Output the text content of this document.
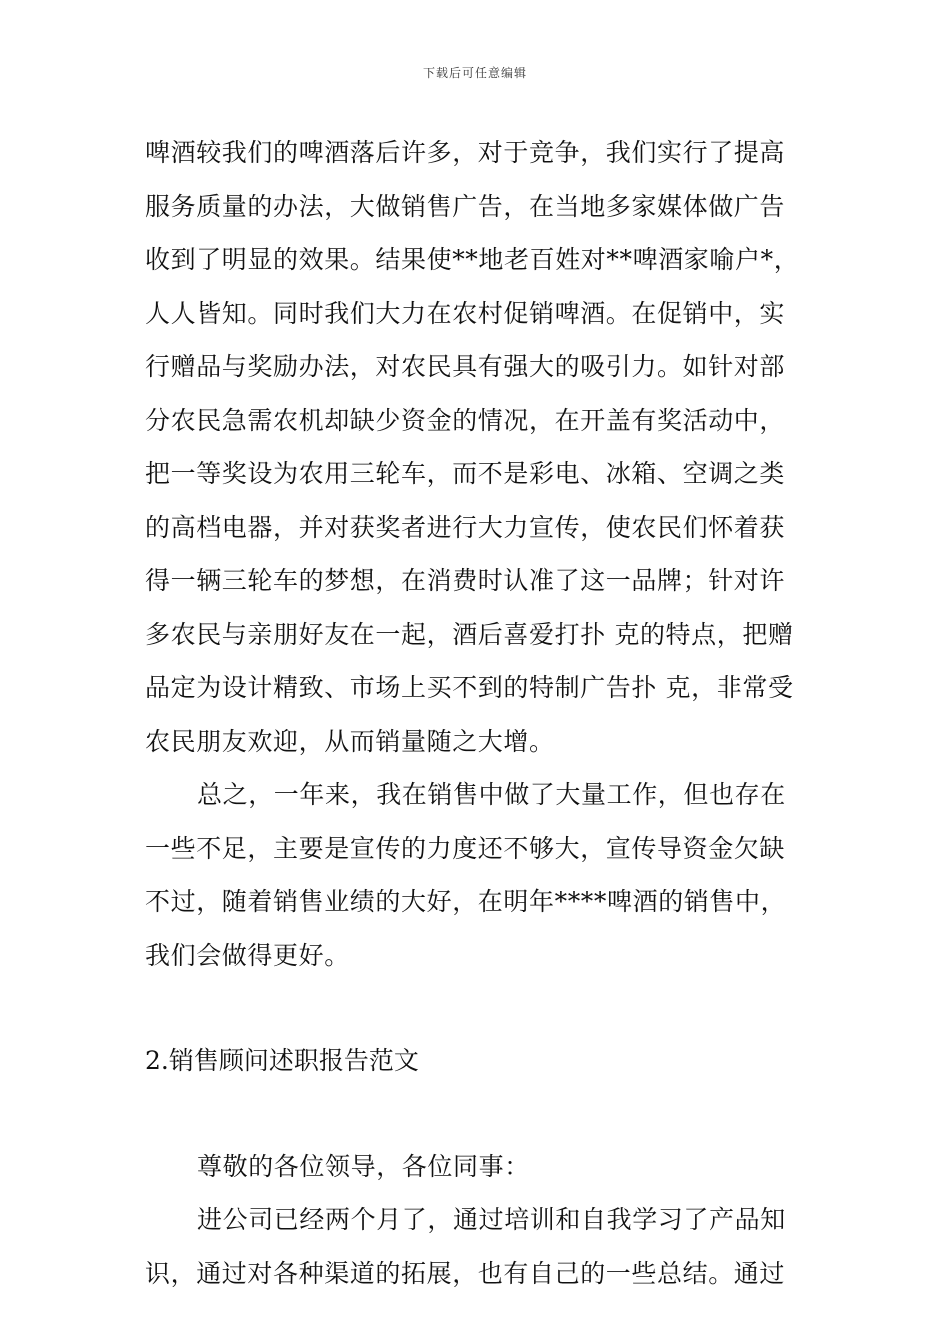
下载后可任意编辑
啤酒较我们的啤酒落后许多，对于竞争，我们实行了提高
服务质量的办法，大做销售广告，在当地多家媒体做广告
收到了明显的效果。结果使**地老百姓对**啤酒家喻户*，
人人皆知。同时我们大力在农村促销啤酒。在促销中，实
行赠品与奖励办法，对农民具有强大的吸引力。如针对部
分农民急需农机却缺少资金的情况，在开盖有奖活动中，
把一等奖设为农用三轮车，而不是彩电、冰箱、空调之类
的高档电器，并对获奖者进行大力宣传，使农民们怀着获
得一辆三轮车的梦想，在消费时认准了这一品牌；针对许
多农民与亲朋好友在一起，酒后喜爱打扑 克的特点，把赠
品定为设计精致、市场上买不到的特制广告扑 克，非常受
农民朋友欢迎，从而销量随之大增。
总之，一年来，我在销售中做了大量工作，但也存在
一些不足，主要是宣传的力度还不够大，宣传导资金欠缺
不过，随着销售业绩的大好，在明年****啤酒的销售中，
我们会做得更好。
2.销售顾问述职报告范文
尊敬的各位领导，各位同事：
进公司已经两个月了，通过培训和自我学习了产品知
识，通过对各种渠道的拓展，也有自己的一些总结。通过
